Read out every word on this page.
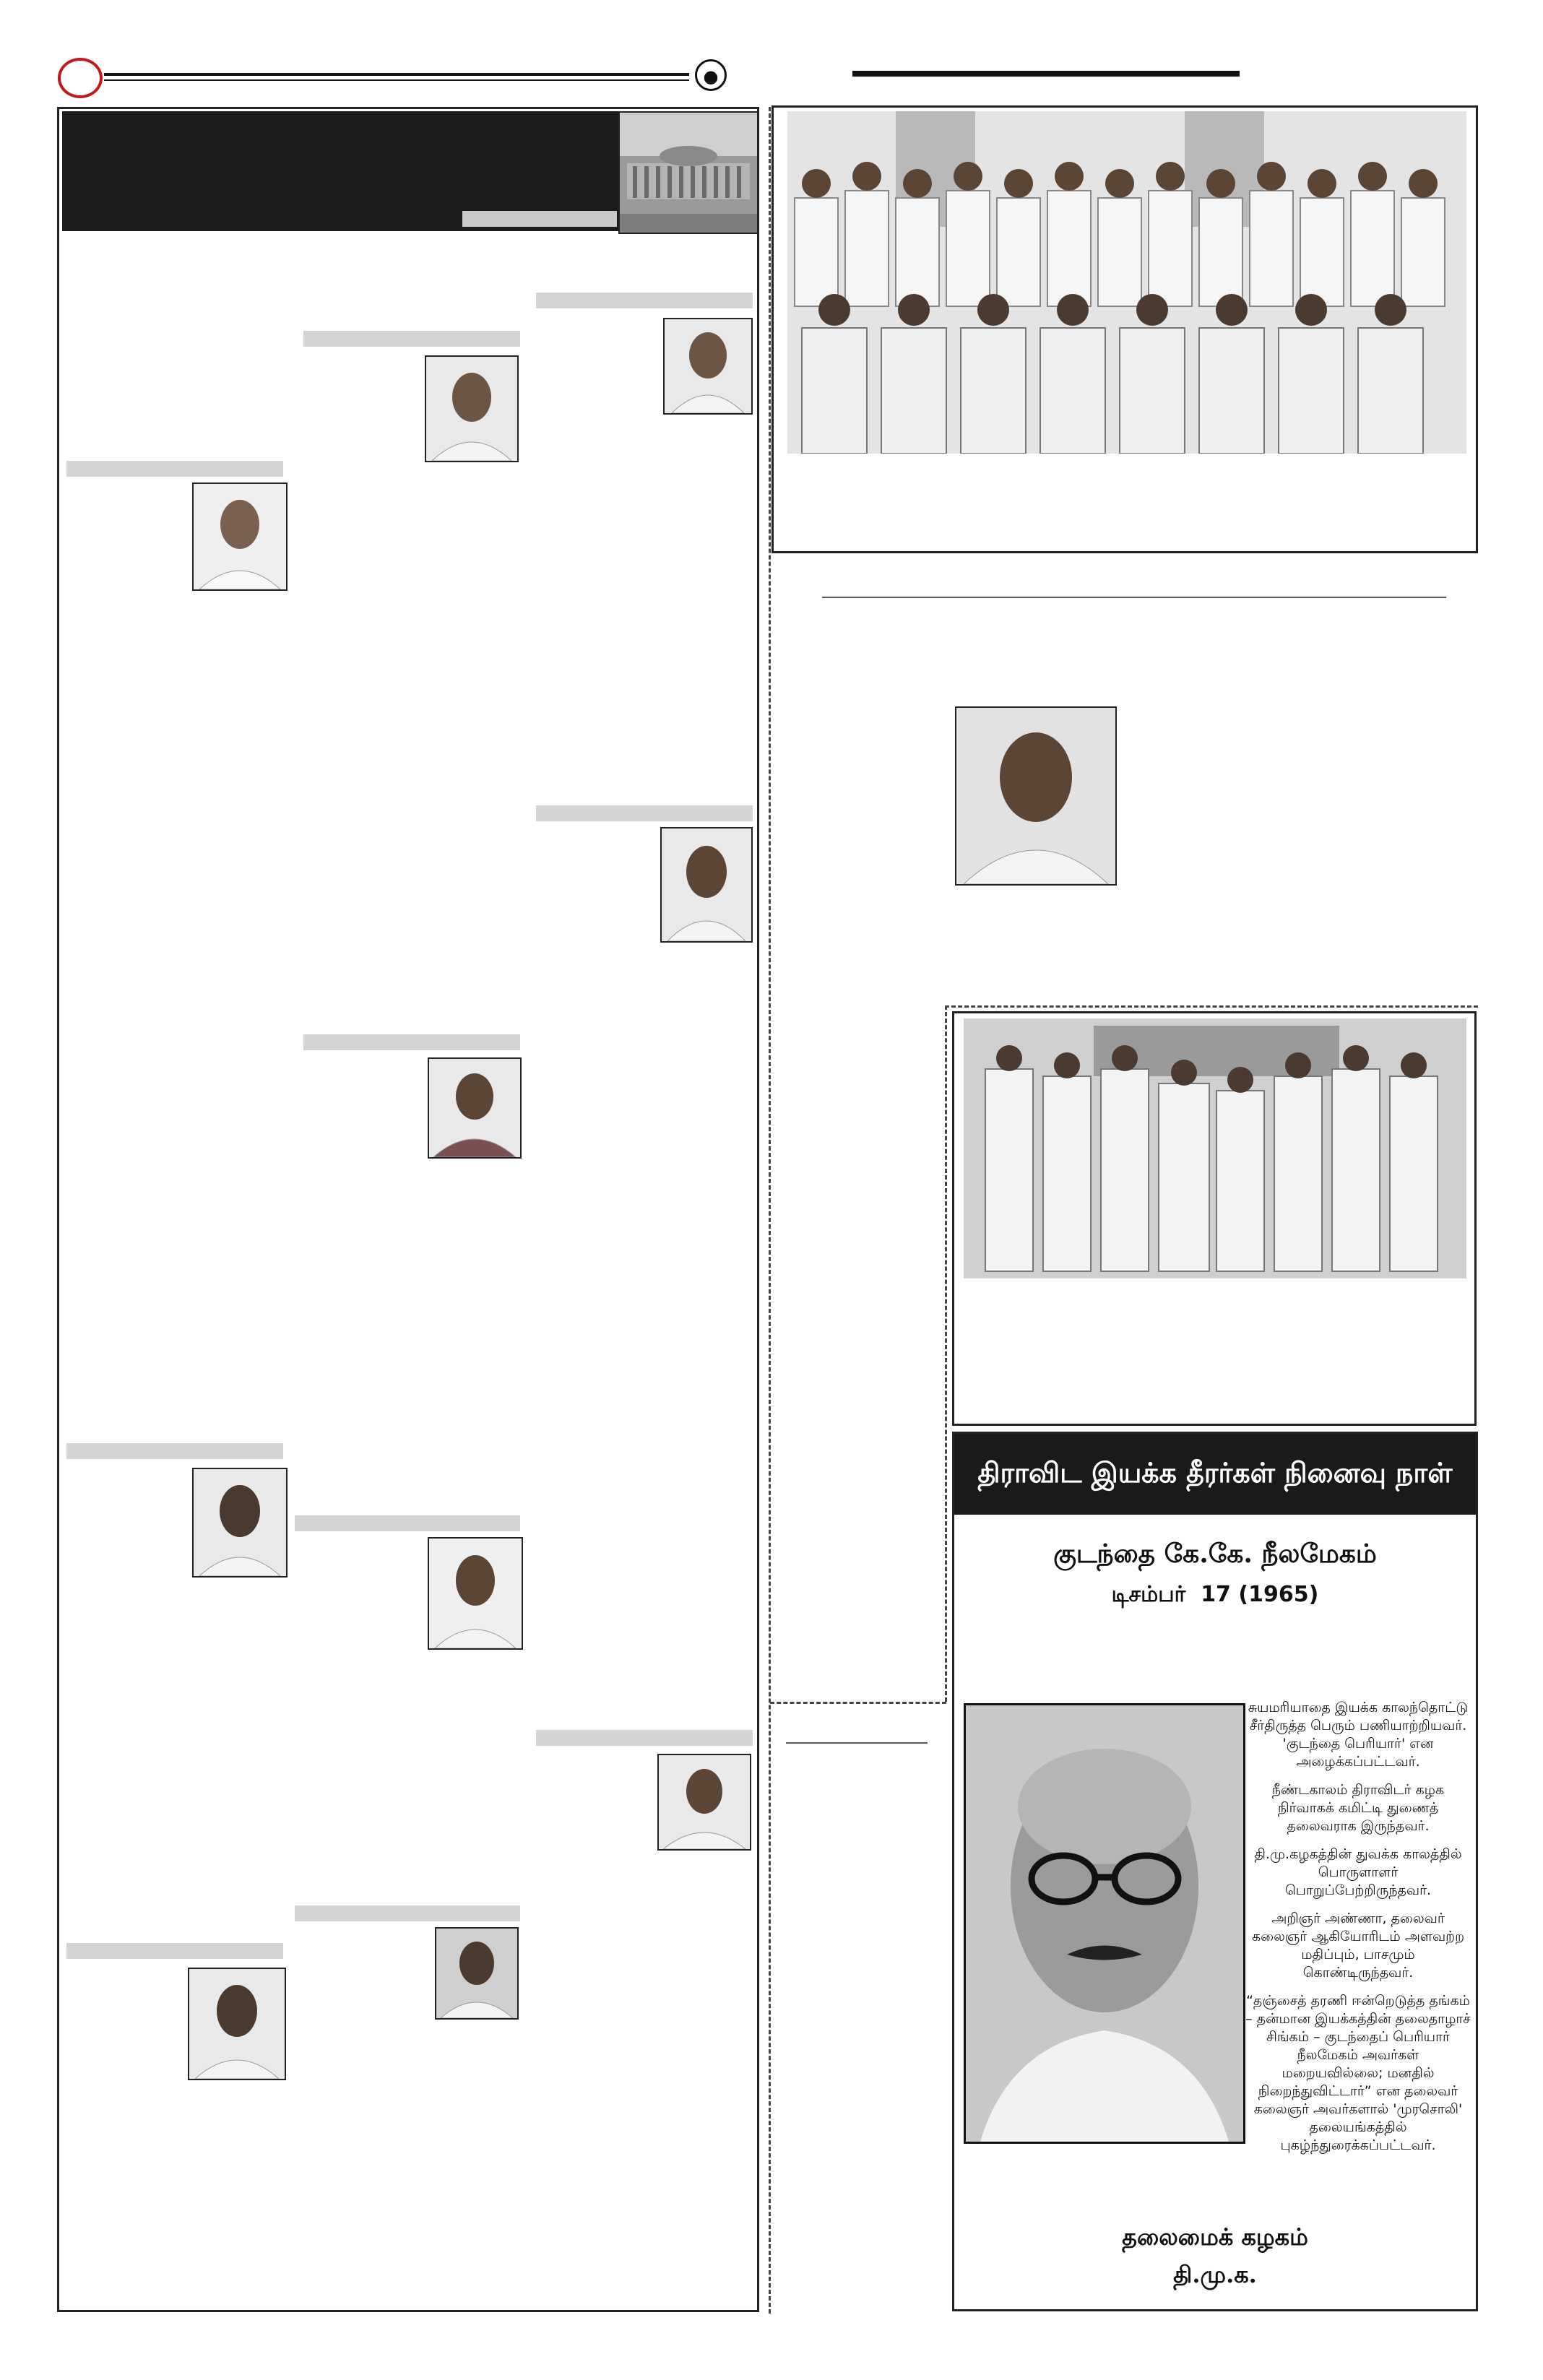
திராவிட இயக்க தீரர்கள் நினைவு நாள்
குடந்தை கே.கே. நீலமேகம்
டிசம்பர்  17 (1965)

சுயமரியாதை இயக்க காலந்தொட்டு சீர்திருத்த பெரும் பணியாற்றியவர். 'குடந்தை பெரியார்' என அழைக்கப்பட்டவர்.

நீண்டகாலம் திராவிடர் கழக நிர்வாகக் கமிட்டி துணைத் தலைவராக இருந்தவர்.

தி.மு.கழகத்தின் துவக்க காலத்தில் பொருளாளர் பொறுப்பேற்றிருந்தவர்.

அறிஞர் அண்ணா, தலைவர் கலைஞர் ஆகியோரிடம் அளவற்ற மதிப்பும், பாசமும் கொண்டிருந்தவர்.

“தஞ்சைத் தரணி ஈன்றெடுத்த தங்கம் – தன்மான இயக்கத்தின் தலைதாழாச் சிங்கம் – குடந்தைப் பெரியார் நீலமேகம் அவர்கள் மறையவில்லை; மனதில் நிறைந்துவிட்டார்” என தலைவர் கலைஞர் அவர்களால் 'முரசொலி' தலையங்கத்தில் புகழ்ந்துரைக்கப்பட்டவர்.

தலைமைக் கழகம்
தி.மு.க.
